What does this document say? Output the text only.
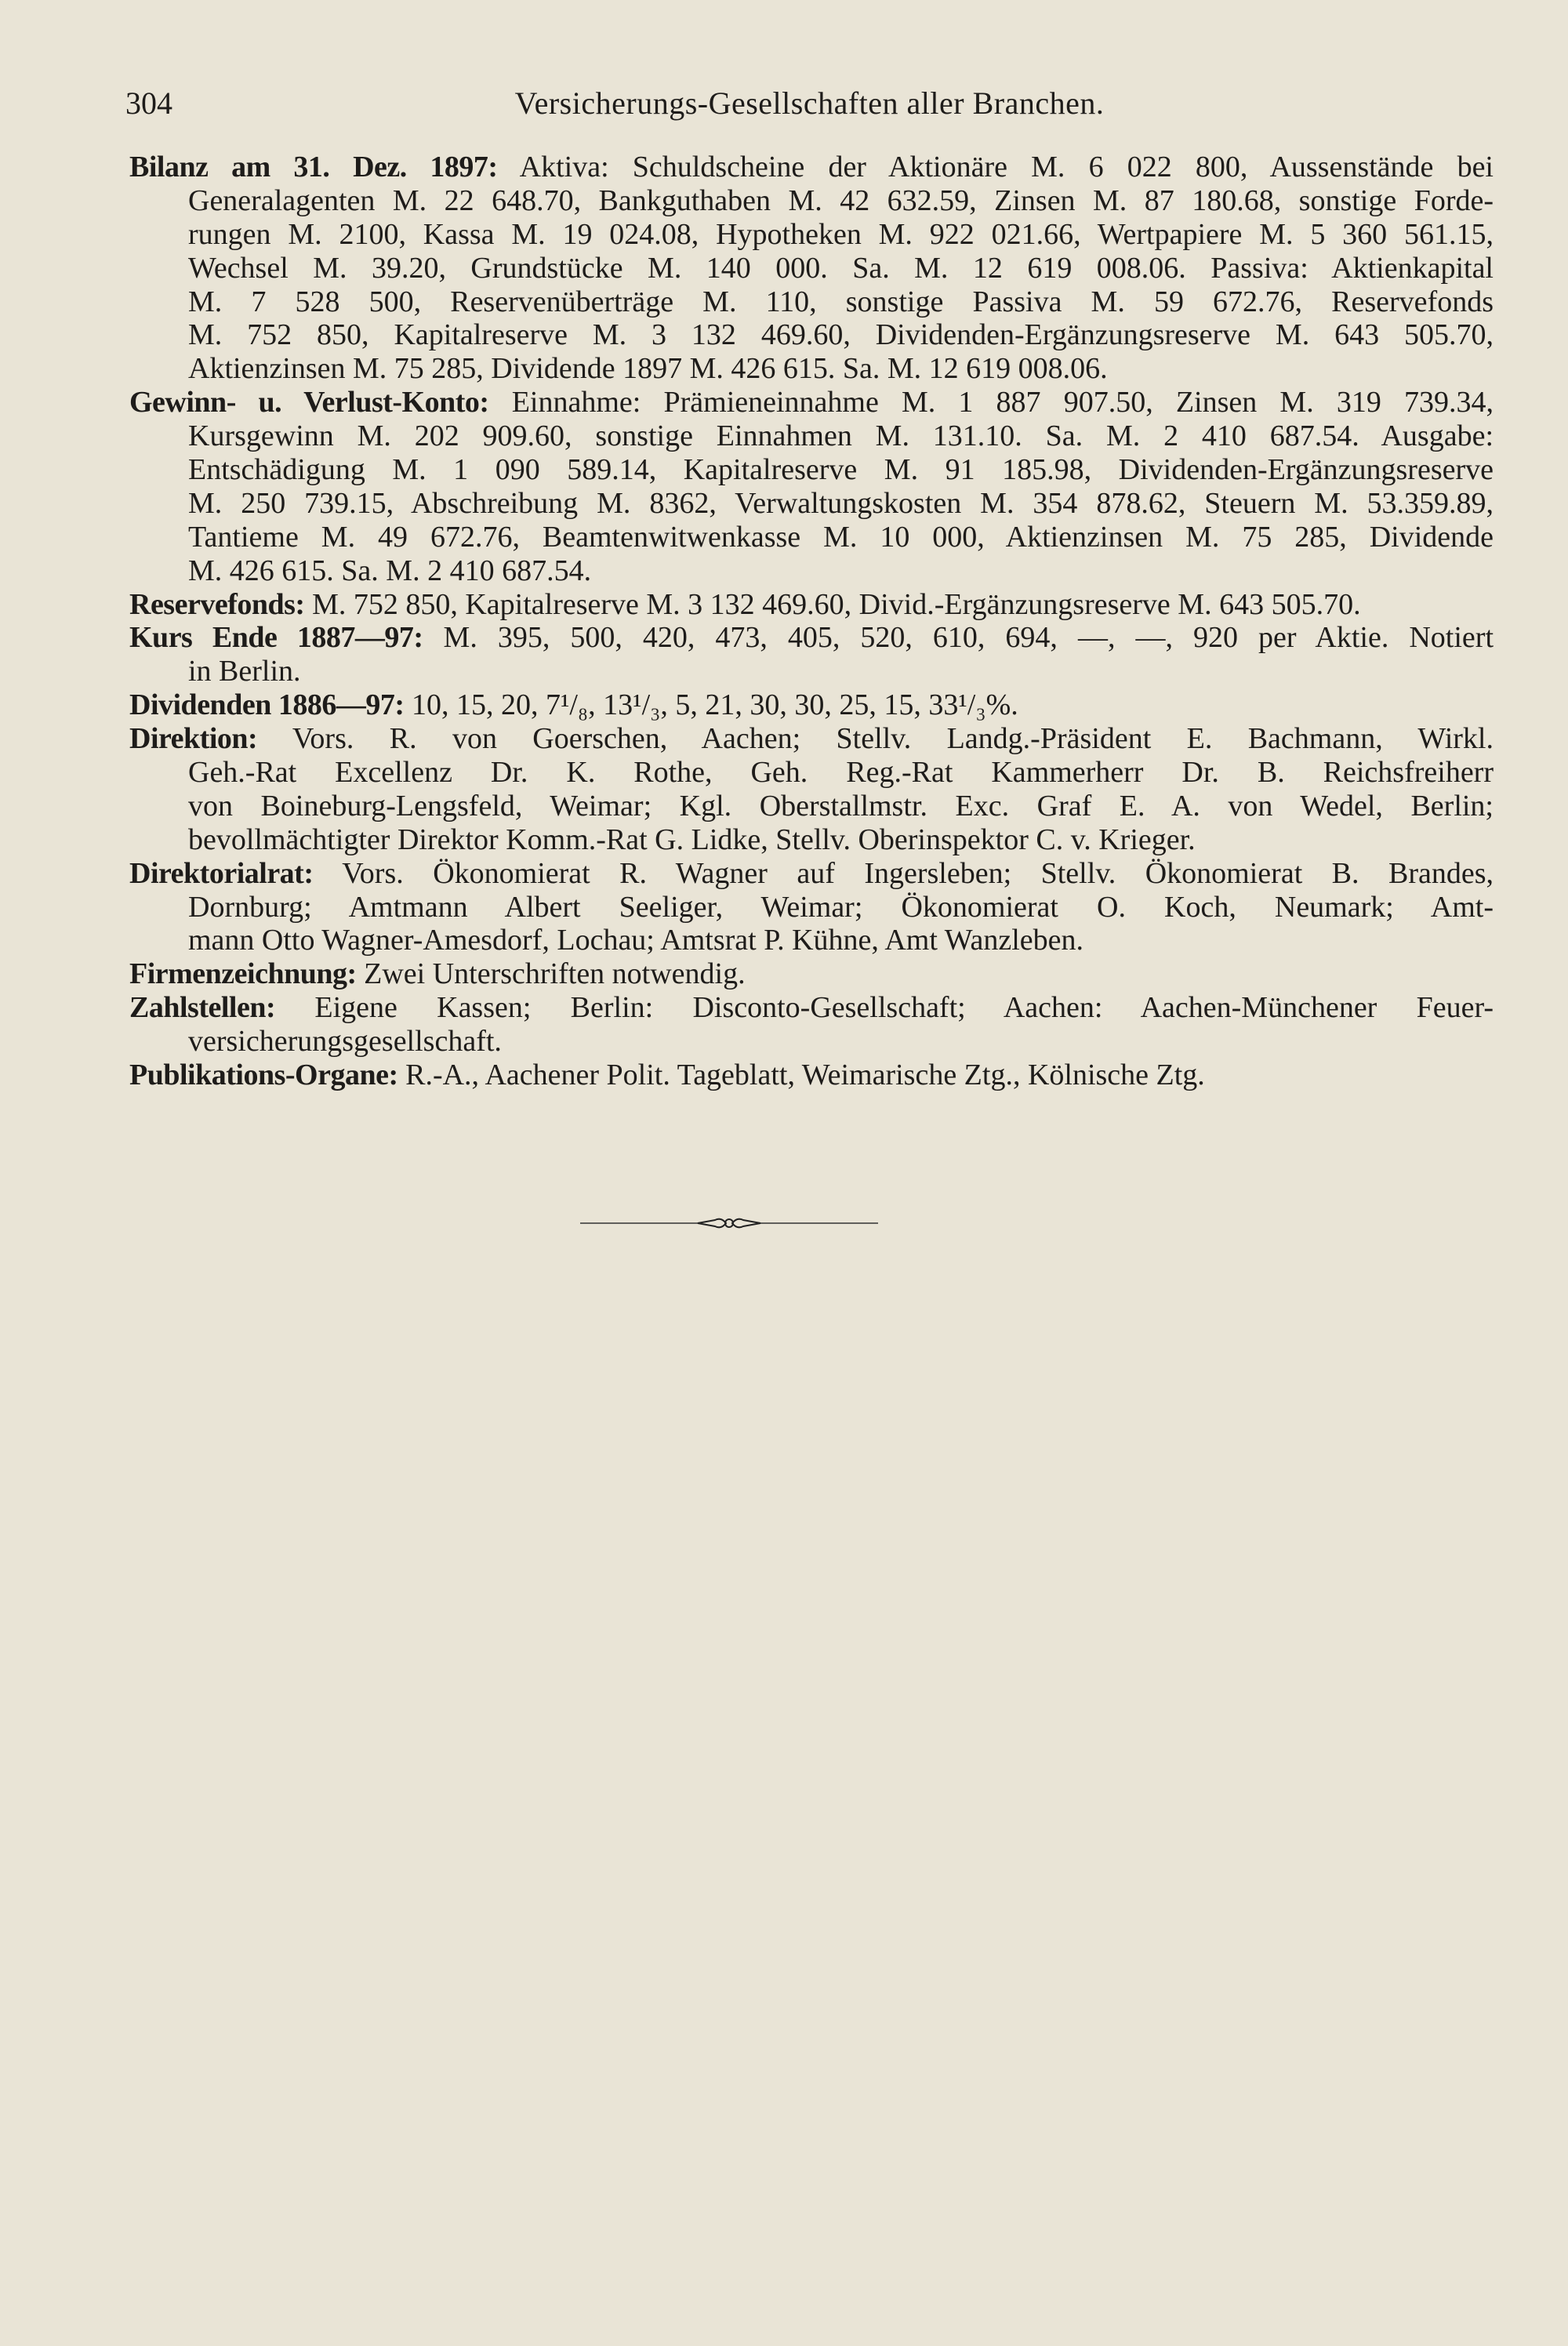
304	Versicherungs-Gesellschaften aller Branchen.
Bilanz am 31. Dez. 1897: Aktiva: Schuldscheine der Aktionäre M. 6 022 800, Aussenstände bei
Generalagenten M. 22 648.70, Bankguthaben M. 42 632.59, Zinsen M. 87 180.68, sonstige Forde-
rungen M. 2100, Kassa M. 19 024.08, Hypotheken M. 922 021.66, Wertpapiere M. 5 360 561.15,
Wechsel M. 39.20, Grundstücke M. 140 000. Sa. M. 12 619 008.06. Passiva: Aktienkapital
M. 7 528 500, Reservenüberträge M. 110, sonstige Passiva M. 59 672.76, Reservefonds
M. 752 850, Kapitalreserve M. 3 132 469.60, Dividenden-Ergänzungsreserve M. 643 505.70,
Aktienzinsen M. 75 285, Dividende 1897 M. 426 615. Sa. M. 12 619 008.06.
Gewinn- u. Verlust-Konto: Einnahme: Prämieneinnahme M. 1 887 907.50, Zinsen M. 319 739.34,
Kursgewinn M. 202 909.60, sonstige Einnahmen M. 131.10. Sa. M. 2 410 687.54. Ausgabe:
Entschädigung M. 1 090 589.14, Kapitalreserve M. 91 185.98, Dividenden-Ergänzungsreserve
M. 250 739.15, Abschreibung M. 8362, Verwaltungskosten M. 354 878.62, Steuern M. 53.359.89,
Tantieme M. 49 672.76, Beamtenwitwenkasse M. 10 000, Aktienzinsen M. 75 285, Dividende
M. 426 615. Sa. M. 2 410 687.54.
Reservefonds: M. 752 850, Kapitalreserve M. 3 132 469.60, Divid.-Ergänzungsreserve M. 643 505.70.
Kurs Ende 1887—97: M. 395, 500, 420, 473, 405, 520, 610, 694, —, —, 920 per Aktie. Notiert
in Berlin.
Dividenden 1886—97: 10, 15, 20, 7¹/₈, 13¹/₃, 5, 21, 30, 30, 25, 15, 33¹/₃%.
Direktion: Vors. R. von Goerschen, Aachen; Stellv. Landg.-Präsident E. Bachmann, Wirkl.
Geh.-Rat Excellenz Dr. K. Rothe, Geh. Reg.-Rat Kammerherr Dr. B. Reichsfreiherr
von Boineburg-Lengsfeld, Weimar; Kgl. Oberstallmstr. Exc. Graf E. A. von Wedel, Berlin;
bevollmächtigter Direktor Komm.-Rat G. Lidke, Stellv. Oberinspektor C. v. Krieger.
Direktorialrat: Vors. Ökonomierat R. Wagner auf Ingersleben; Stellv. Ökonomierat B. Brandes,
Dornburg; Amtmann Albert Seeliger, Weimar; Ökonomierat O. Koch, Neumark; Amt-
mann Otto Wagner-Amesdorf, Lochau; Amtsrat P. Kühne, Amt Wanzleben.
Firmenzeichnung: Zwei Unterschriften notwendig.
Zahlstellen: Eigene Kassen; Berlin: Disconto-Gesellschaft; Aachen: Aachen-Münchener Feuer-
versicherungsgesellschaft.
Publikations-Organe: R.-A., Aachener Polit. Tageblatt, Weimarische Ztg., Kölnische Ztg.
